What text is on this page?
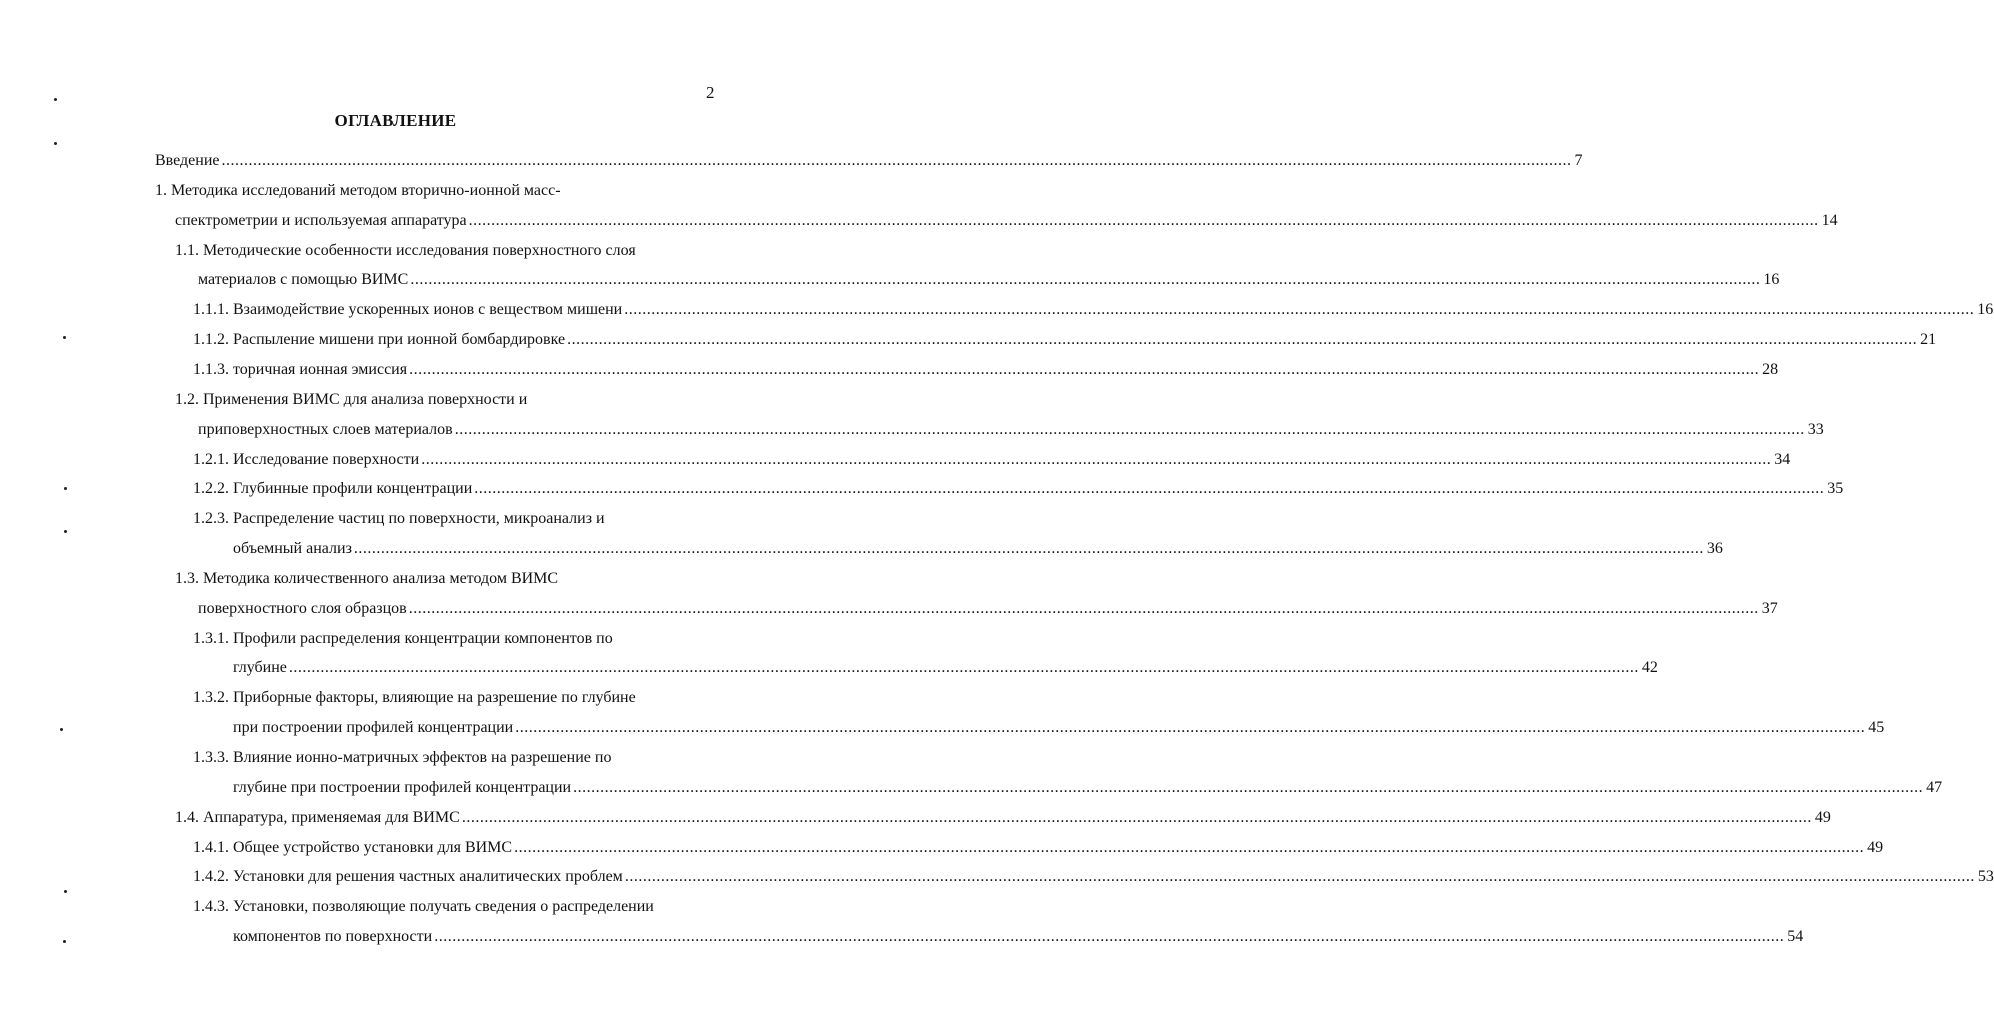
2
ОГЛАВЛЕНИЕ
Введение ............................................................................................................................................................................................................................................................................................................ 7
1. Методика исследований методом вторично-ионной масс-
спектрометрии и используемая аппаратура ............................................................................................................................................................................................................................................................................................................ 14
1.1. Методические особенности исследования поверхностного слоя
материалов с помощью ВИМС ............................................................................................................................................................................................................................................................................................................ 16
1.1.1. Взаимодействие ускоренных ионов с веществом мишени ............................................................................................................................................................................................................................................................................................................ 16
1.1.2. Распыление мишени при ионной бомбардировке ............................................................................................................................................................................................................................................................................................................ 21
1.1.3. торичная ионная эмиссия ............................................................................................................................................................................................................................................................................................................ 28
1.2. Применения ВИМС для анализа поверхности и
приповерхностных слоев материалов ............................................................................................................................................................................................................................................................................................................ 33
1.2.1. Исследование поверхности ............................................................................................................................................................................................................................................................................................................ 34
1.2.2. Глубинные профили концентрации ............................................................................................................................................................................................................................................................................................................ 35
1.2.3. Распределение частиц по поверхности, микроанализ и
объемный анализ ............................................................................................................................................................................................................................................................................................................ 36
1.3. Методика количественного анализа методом ВИМС
поверхностного слоя образцов ............................................................................................................................................................................................................................................................................................................ 37
1.3.1. Профили распределения концентрации компонентов по
глубине ............................................................................................................................................................................................................................................................................................................ 42
1.3.2. Приборные факторы, влияющие на разрешение по глубине
при построении профилей концентрации ............................................................................................................................................................................................................................................................................................................ 45
1.3.3. Влияние ионно-матричных эффектов на разрешение по
глубине при построении профилей концентрации ............................................................................................................................................................................................................................................................................................................ 47
1.4. Аппаратура, применяемая для ВИМС ............................................................................................................................................................................................................................................................................................................ 49
1.4.1. Общее устройство установки для ВИМС ............................................................................................................................................................................................................................................................................................................ 49
1.4.2. Установки для решения частных аналитических проблем ............................................................................................................................................................................................................................................................................................................ 53
1.4.3. Установки, позволяющие получать сведения о распределении
компонентов по поверхности ............................................................................................................................................................................................................................................................................................................ 54
